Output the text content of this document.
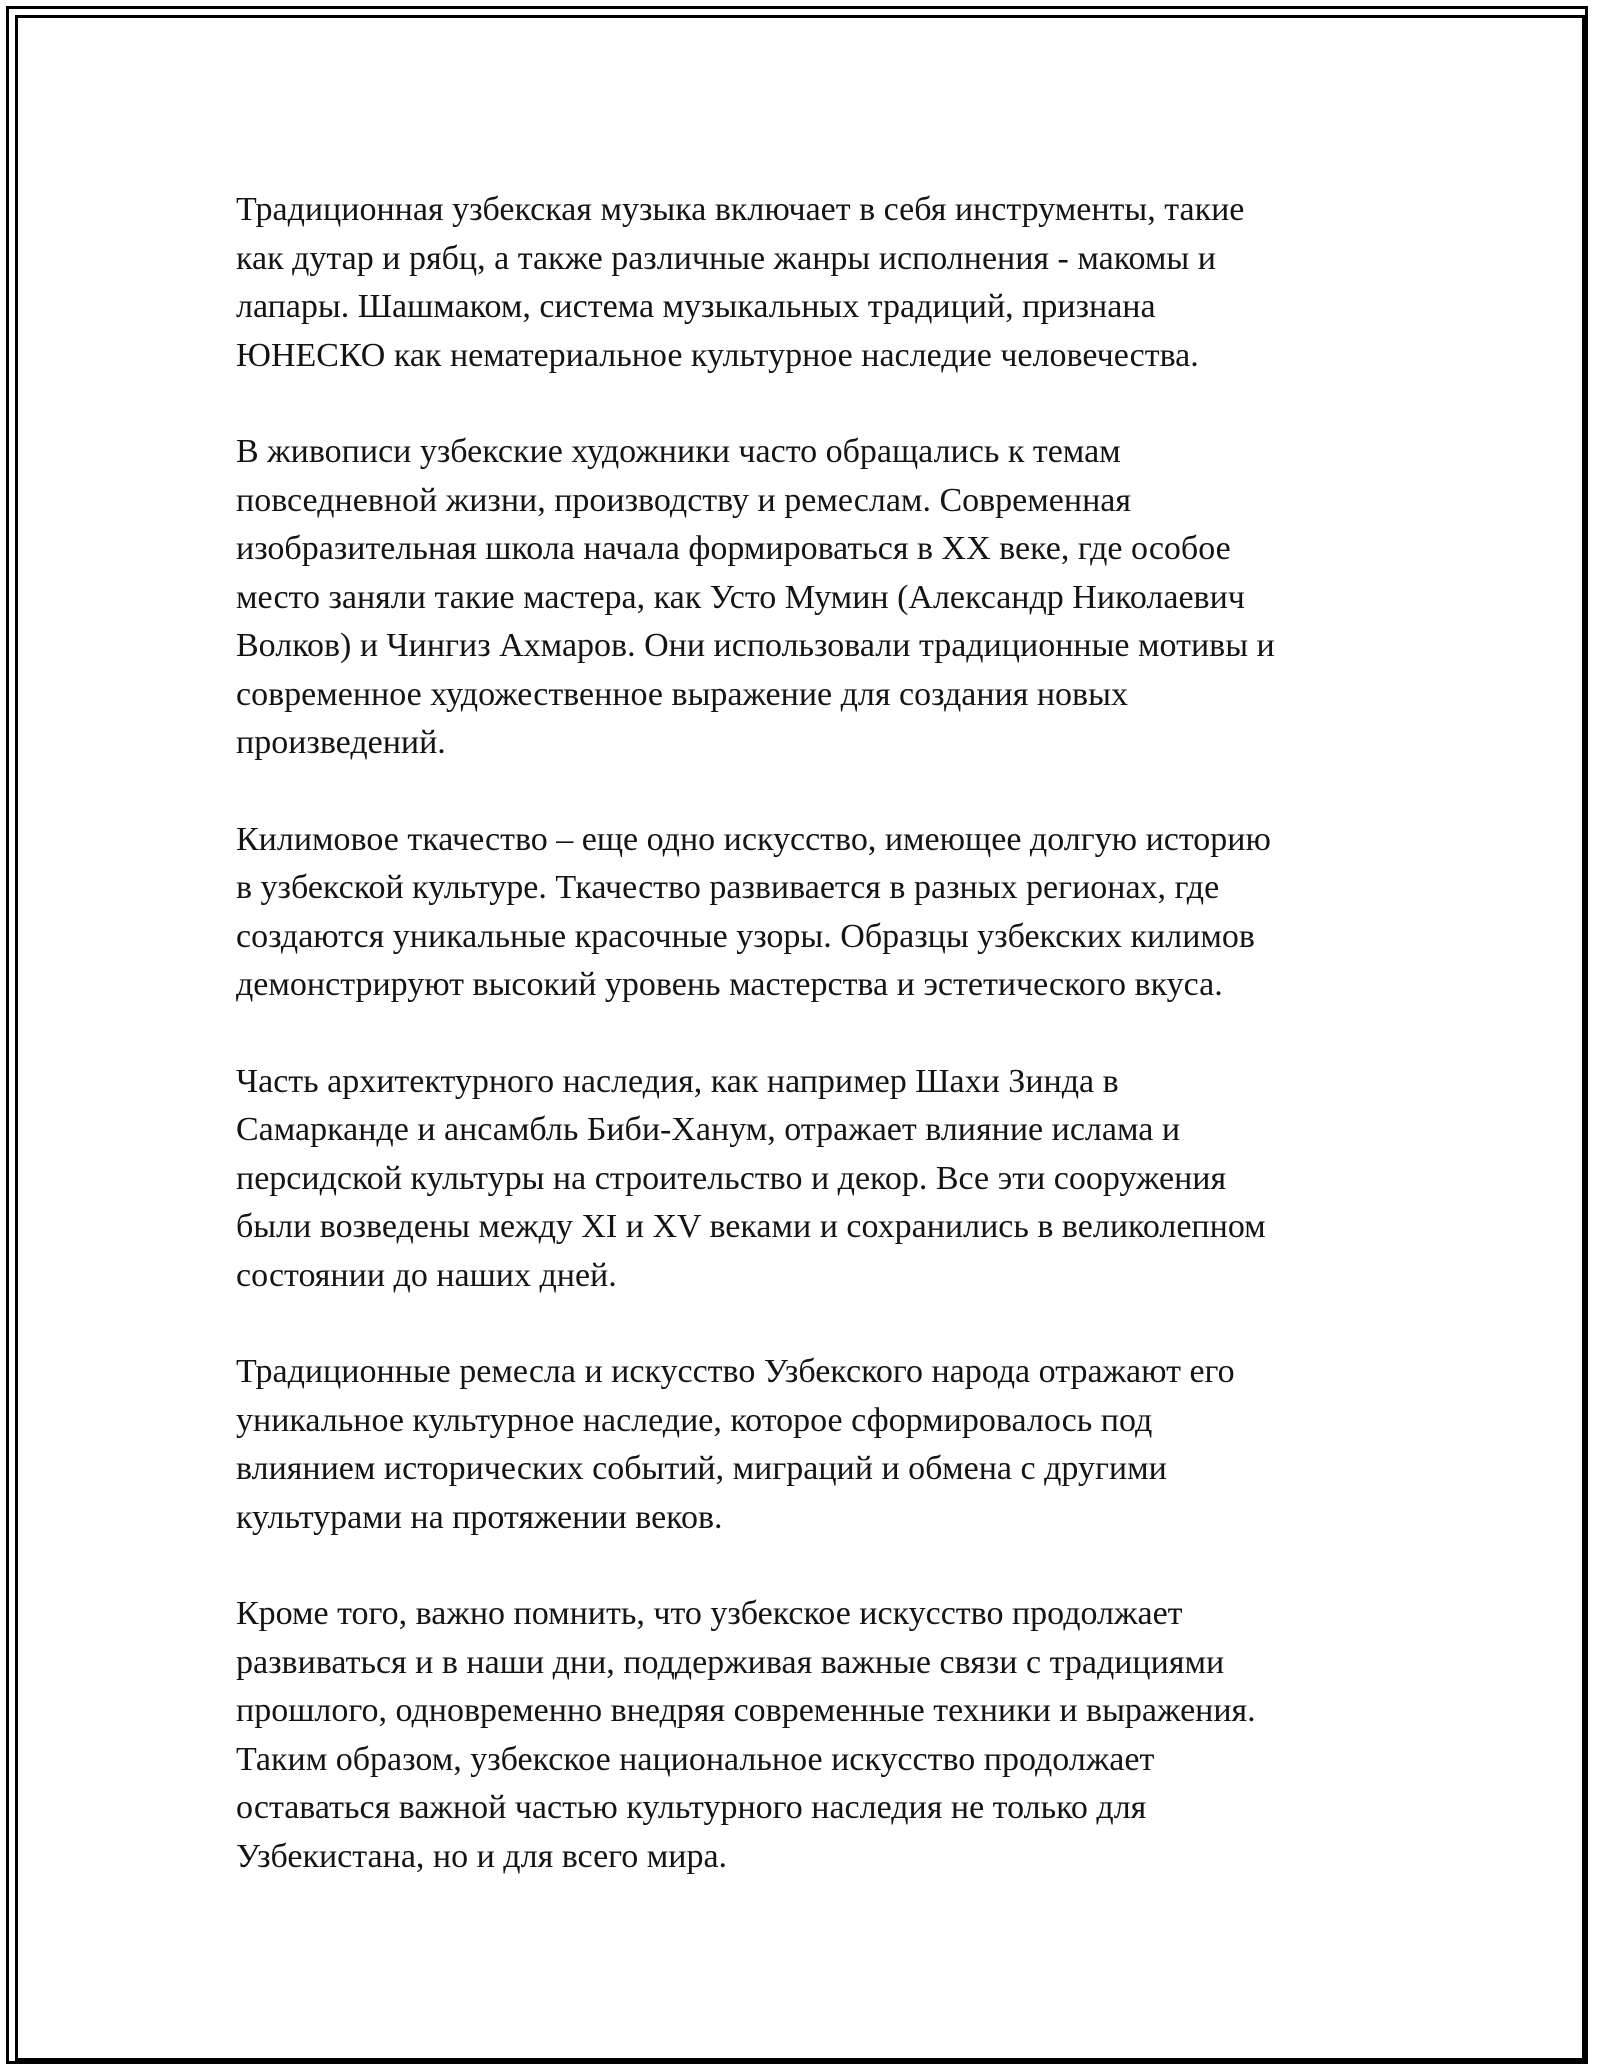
Традиционная узбекская музыка включает в себя инструменты, такие
как дутар и рябц, а также различные жанры исполнения - макомы и
лапары. Шашмаком, система музыкальных традиций, признана
ЮНЕСКО как нематериальное культурное наследие человечества.

В живописи узбекские художники часто обращались к темам
повседневной жизни, производству и ремеслам. Современная
изобразительная школа начала формироваться в XX веке, где особое
место заняли такие мастера, как Усто Мумин (Александр Николаевич
Волков) и Чингиз Ахмаров. Они использовали традиционные мотивы и
современное художественное выражение для создания новых
произведений.

Килимовое ткачество – еще одно искусство, имеющее долгую историю
в узбекской культуре. Ткачество развивается в разных регионах, где
создаются уникальные красочные узоры. Образцы узбекских килимов
демонстрируют высокий уровень мастерства и эстетического вкуса.

Часть архитектурного наследия, как например Шахи Зинда в
Самарканде и ансамбль Биби-Ханум, отражает влияние ислама и
персидской культуры на строительство и декор. Все эти сооружения
были возведены между XI и XV веками и сохранились в великолепном
состоянии до наших дней.

Традиционные ремесла и искусство Узбекского народа отражают его
уникальное культурное наследие, которое сформировалось под
влиянием исторических событий, миграций и обмена с другими
культурами на протяжении веков.

Кроме того, важно помнить, что узбекское искусство продолжает
развиваться и в наши дни, поддерживая важные связи с традициями
прошлого, одновременно внедряя современные техники и выражения.
Таким образом, узбекское национальное искусство продолжает
оставаться важной частью культурного наследия не только для
Узбекистана, но и для всего мира.
